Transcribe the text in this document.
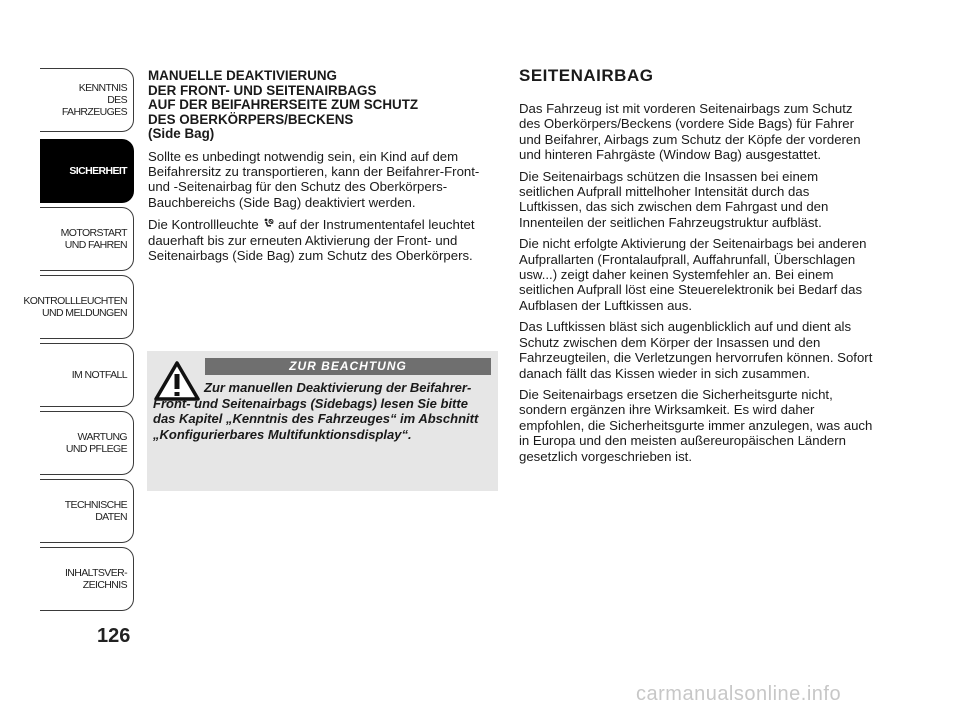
KENNTNIS
DES FAHRZEUGES
SICHERHEIT
MOTORSTART
UND FAHREN
KONTROLLLEUCHTEN
UND MELDUNGEN
IM NOTFALL
WARTUNG
UND PFLEGE
TECHNISCHE
DATEN
INHALTSVER-
ZEICHNIS
126
MANUELLE DEAKTIVIERUNG
DER FRONT- UND SEITENAIRBAGS
AUF DER BEIFAHRERSEITE ZUM SCHUTZ
DES OBERKÖRPERS/BECKENS
(Side Bag)

Sollte es unbedingt notwendig sein, ein Kind auf dem Beifahrersitz zu transportieren, kann der Beifahrer-Front- und -Seitenairbag für den Schutz des Oberkörpers-Bauchbereichs (Side Bag) deaktiviert werden.

Die Kontrollleuchte auf der Instrumententafel leuchtet dauerhaft bis zur erneuten Aktivierung der Front- und Seitenairbags (Side Bag) zum Schutz des Oberkörpers.

ZUR BEACHTUNG
Zur manuellen Deaktivierung der Beifahrer-Front- und Seitenairbags (Sidebags) lesen Sie bitte das Kapitel „Kenntnis des Fahrzeuges“ im Abschnitt „Konfigurierbares Multifunktionsdisplay“.
SEITENAIRBAG

Das Fahrzeug ist mit vorderen Seitenairbags zum Schutz des Oberkörpers/Beckens (vordere Side Bags) für Fahrer und Beifahrer, Airbags zum Schutz der Köpfe der vorderen und hinteren Fahrgäste (Window Bag) ausgestattet.

Die Seitenairbags schützen die Insassen bei einem seitlichen Aufprall mittelhoher Intensität durch das Luftkissen, das sich zwischen dem Fahrgast und den Innenteilen der seitlichen Fahrzeugstruktur aufbläst.

Die nicht erfolgte Aktivierung der Seitenairbags bei anderen Aufprallarten (Frontalaufprall, Auffahrunfall, Überschlagen usw...) zeigt daher keinen Systemfehler an. Bei einem seitlichen Aufprall löst eine Steuerelektronik bei Bedarf das Aufblasen der Luftkissen aus.

Das Luftkissen bläst sich augenblicklich auf und dient als Schutz zwischen dem Körper der Insassen und den Fahrzeugteilen, die Verletzungen hervorrufen können. Sofort danach fällt das Kissen wieder in sich zusammen.

Die Seitenairbags ersetzen die Sicherheitsgurte nicht, sondern ergänzen ihre Wirksamkeit. Es wird daher empfohlen, die Sicherheitsgurte immer anzulegen, was auch in Europa und den meisten außereuropäischen Ländern gesetzlich vorgeschrieben ist.

carmanualsonline.info
